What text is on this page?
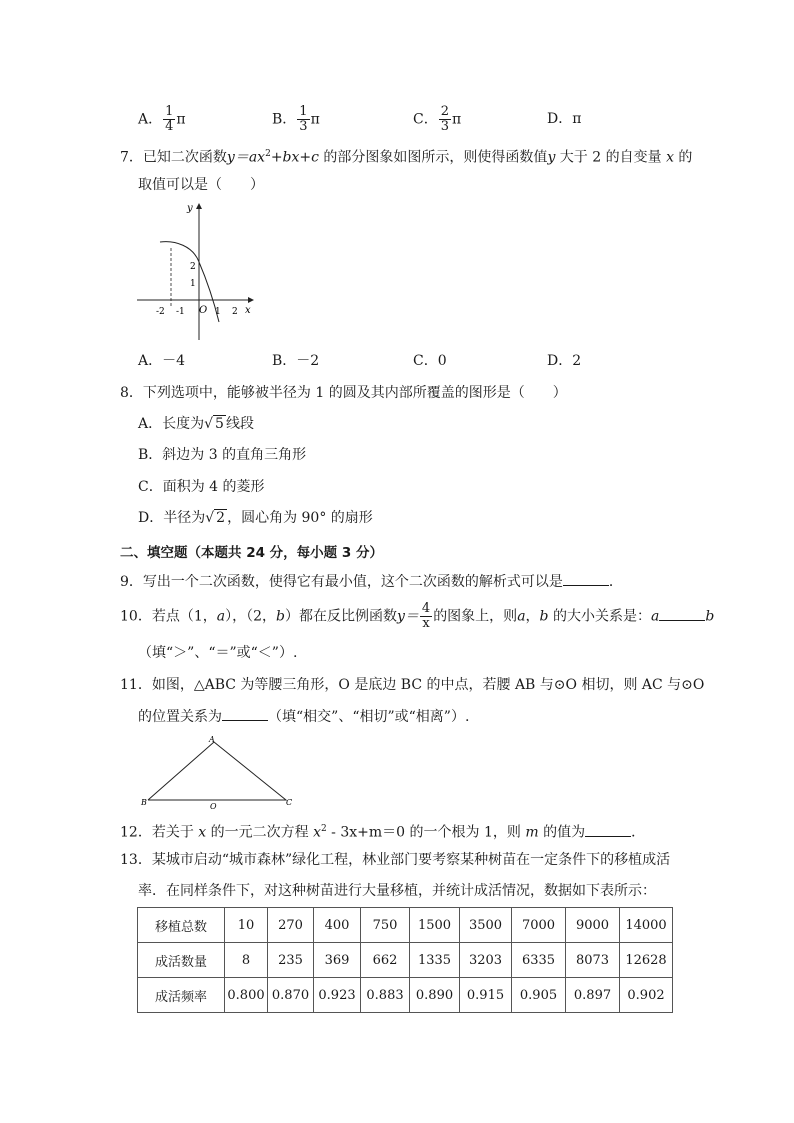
A． $\frac{1}{4}$ π	B． $\frac{1}{3}$ π	C． $\frac{2}{3}$ π	D．π
7．已知二次函数$y=ax^2+bx+c$ 的部分图象如图所示，则使得函数值y 大于 2 的自变量 x 的
取值可以是（　　）
y
x
O
-2 -1	1 2
2
1
A．－4	B．－2	C．0	D．2
8．下列选项中，能够被半径为 1 的圆及其内部所覆盖的图形是（　　）
A．长度为√ 5 线段
B．斜边为 3 的直角三角形
C．面积为 4 的菱形
D．半径为√ 2 ，圆心角为 90° 的扇形
二、填空题（本题共 24 分，每小题 3 分）
9．写出一个二次函数，使得它有最小值，这个二次函数的解析式可以是	．
10．若点（1，a），（2，b）都在反比例函数$y= \frac{4}{x}$ 的图象上，则a，b 的大小关系是：a	b
（填“＞”、“＝”或“＜”）.
11．如图，△ABC 为等腰三角形，O 是底边 BC 的中点，若腰 AB 与⊙O 相切，则 AC 与⊙O
的位置关系为	（填“相交”、“相切”或“相离”）.
A
B	C
O
12．若关于 x 的一元二次方程 $x^2 - 3x+m=0$ 的一个根为 1，则 m 的值为	．
13．某城市启动“城市森林”绿化工程，林业部门要考察某种树苗在一定条件下的移植成活
率．在同样条件下，对这种树苗进行大量移植，并统计成活情况，数据如下表所示：
移植总数	10	270	400	750	1500	3500	7000	9000	14000
成活数量	8	235	369	662	1335	3203	6335	8073	12628
成活频率	0.800	0.870	0.923	0.883	0.890	0.915	0.905	0.897	0.902
